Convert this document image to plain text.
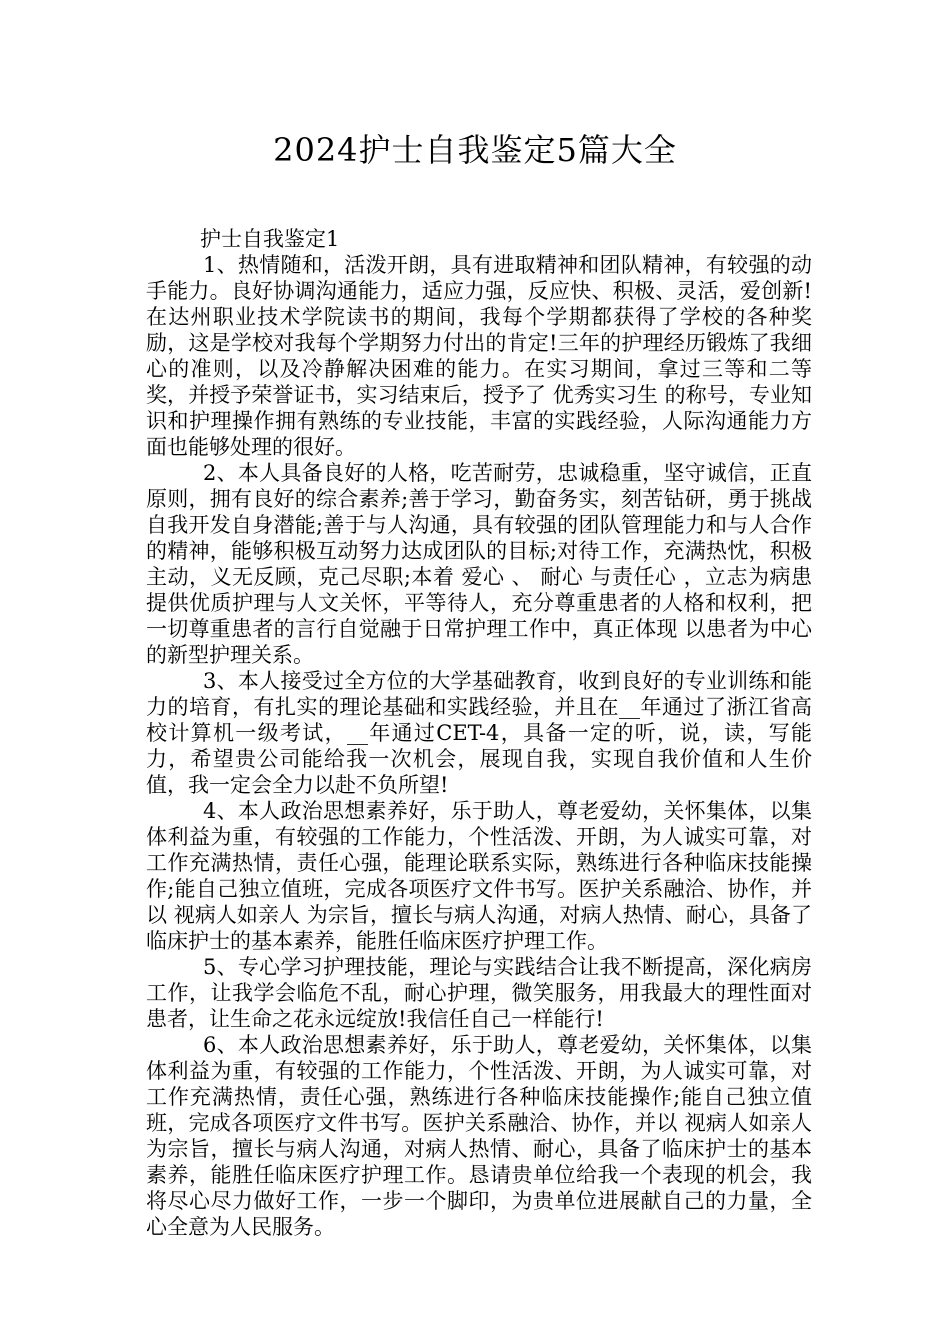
2024护士自我鉴定5篇大全
护士自我鉴定1

1、热情随和，活泼开朗，具有进取精神和团队精神，有较强的动手能力。良好协调沟通能力，适应力强，反应快、积极、灵活，爱创新!在达州职业技术学院读书的期间，我每个学期都获得了学校的各种奖励，这是学校对我每个学期努力付出的肯定!三年的护理经历锻炼了我细心的准则，以及冷静解决困难的能力。在实习期间，拿过三等和二等奖，并授予荣誉证书，实习结束后，授予了 优秀实习生 的称号，专业知识和护理操作拥有熟练的专业技能，丰富的实践经验，人际沟通能力方面也能够处理的很好。

2、本人具备良好的人格，吃苦耐劳，忠诚稳重，坚守诚信，正直原则，拥有良好的综合素养;善于学习，勤奋务实，刻苦钻研，勇于挑战自我开发自身潜能;善于与人沟通，具有较强的团队管理能力和与人合作的精神，能够积极互动努力达成团队的目标;对待工作，充满热忱，积极主动，义无反顾，克己尽职;本着 爱心 、 耐心 与责任心 ，立志为病患提供优质护理与人文关怀，平等待人，充分尊重患者的人格和权利，把一切尊重患者的言行自觉融于日常护理工作中，真正体现 以患者为中心 的新型护理关系。

3、本人接受过全方位的大学基础教育，收到良好的专业训练和能力的培育，有扎实的理论基础和实践经验，并且在__年通过了浙江省高校计算机一级考试，__年通过CET-4，具备一定的听，说，读，写能力，希望贵公司能给我一次机会，展现自我，实现自我价值和人生价值，我一定会全力以赴不负所望!

4、本人政治思想素养好，乐于助人，尊老爱幼，关怀集体，以集体利益为重，有较强的工作能力，个性活泼、开朗，为人诚实可靠，对工作充满热情，责任心强，能理论联系实际，熟练进行各种临床技能操作;能自己独立值班，完成各项医疗文件书写。医护关系融洽、协作，并以 视病人如亲人 为宗旨，擅长与病人沟通，对病人热情、耐心，具备了临床护士的基本素养，能胜任临床医疗护理工作。

5、专心学习护理技能，理论与实践结合让我不断提高，深化病房工作，让我学会临危不乱，耐心护理，微笑服务，用我最大的理性面对患者，让生命之花永远绽放!我信任自己一样能行!

6、本人政治思想素养好，乐于助人，尊老爱幼，关怀集体，以集体利益为重，有较强的工作能力，个性活泼、开朗，为人诚实可靠，对工作充满热情，责任心强，熟练进行各种临床技能操作;能自己独立值班，完成各项医疗文件书写。医护关系融洽、协作，并以 视病人如亲人 为宗旨，擅长与病人沟通，对病人热情、耐心，具备了临床护士的基本素养，能胜任临床医疗护理工作。恳请贵单位给我一个表现的机会，我将尽心尽力做好工作，一步一个脚印，为贵单位进展献自己的力量，全心全意为人民服务。
